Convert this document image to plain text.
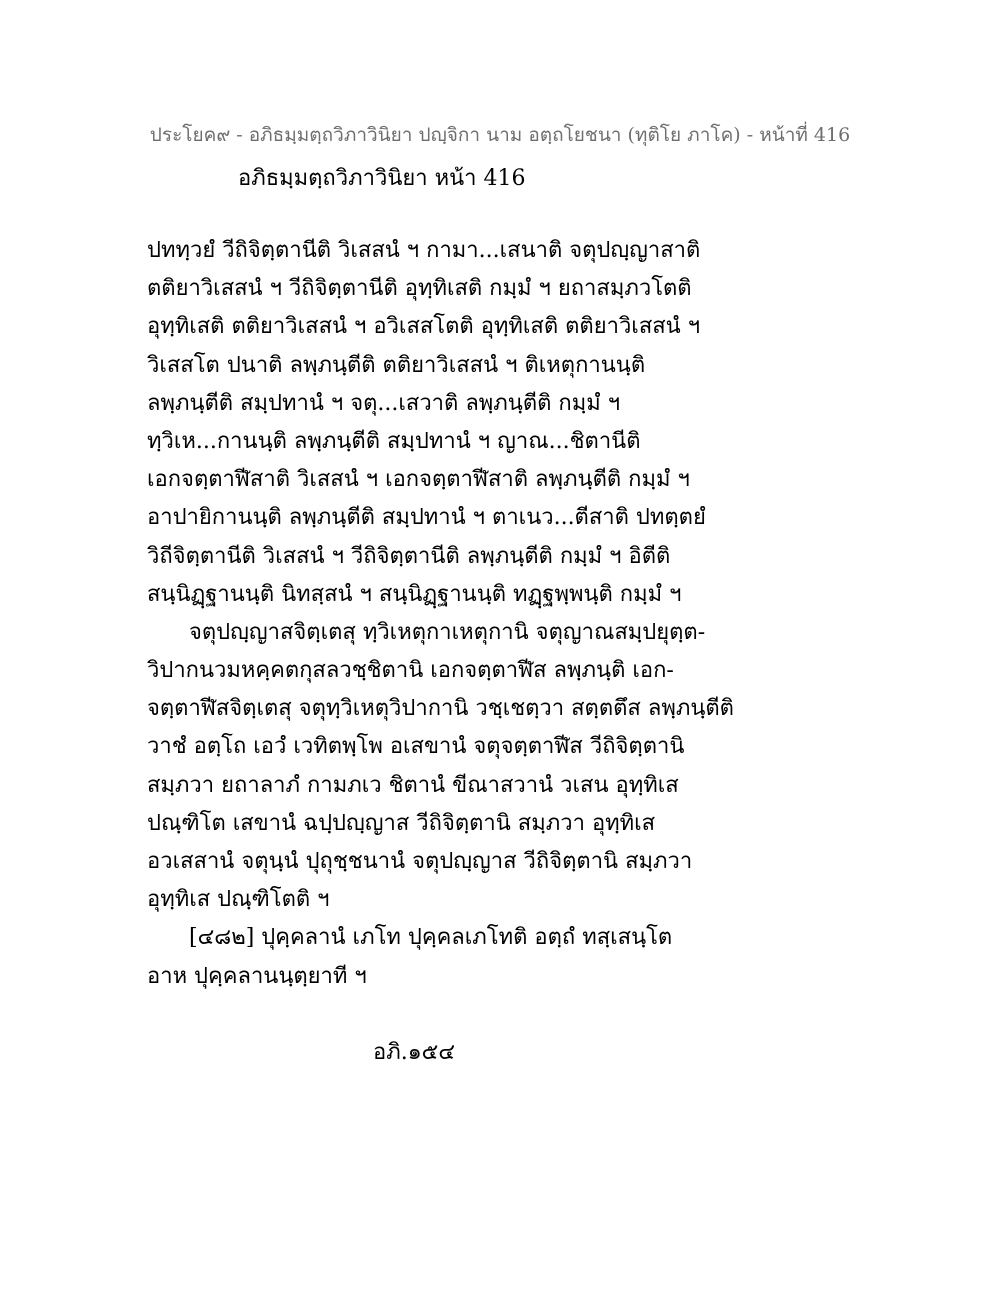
ประโยค๙ - อภิธมฺมตฺถวิภาวินิยา ปญฺจิกา นาม อตฺถโยชนา (ทุติโย ภาโค) - หน้าที่ 416
อภิธมฺมตฺถวิภาวินิยา หน้า 416
ปททฺวยํ วีถิจิตฺตานีติ วิเสสนํ ฯ กามา...เสนาติ จตุปญฺญาสาติ
ตติยาวิเสสนํ ฯ วีถิจิตฺตานีติ อุทฺทิเสติ กมฺมํ ฯ ยถาสมฺภวโตติ
อุทฺทิเสติ ตติยาวิเสสนํ ฯ อวิเสสโตติ อุทฺทิเสติ ตติยาวิเสสนํ ฯ
วิเสสโต ปนาติ ลพฺภนฺตีติ ตติยาวิเสสนํ ฯ ติเหตุกานนฺติ
ลพฺภนฺตีติ สมฺปทานํ ฯ จตุ...เสวาติ ลพฺภนฺตีติ กมฺมํ ฯ
ทฺวิเห...กานนฺติ ลพฺภนฺตีติ สมฺปทานํ ฯ ญาณ...ชิตานีติ
เอกจตฺตาฬีสาติ วิเสสนํ ฯ เอกจตฺตาฬีสาติ ลพฺภนฺตีติ กมฺมํ ฯ
อาปายิกานนฺติ ลพฺภนฺตีติ สมฺปทานํ ฯ ตาเนว...ตีสาติ ปทตฺตยํ
วิถีจิตฺตานีติ วิเสสนํ ฯ วีถิจิตฺตานีติ ลพฺภนฺตีติ กมฺมํ ฯ อิตีติ
สนฺนิฏฺฐานนฺติ นิทสฺสนํ ฯ สนฺนิฏฺฐานนฺติ ทฏฺฐพฺพนฺติ กมฺมํ ฯ
จตุปญฺญาสจิตฺเตสุ ทฺวิเหตุกาเหตุกานิ จตุญาณสมฺปยุตฺต-
วิปากนวมหคฺคตกุสลวชฺชิตานิ เอกจตฺตาฬีส ลพฺภนฺติ เอก-
จตฺตาฬีสจิตฺเตสุ จตุทฺวิเหตุวิปากานิ วชฺเชตฺวา สตฺตตึส ลพฺภนฺตีติ
วาชํ อตฺโถ เอวํ เวทิตพฺโพ อเสขานํ จตุจตฺตาฬีส วีถิจิตฺตานิ
สมฺภวา ยถาลาภํ กามภเว ชิตานํ ขีณาสวานํ วเสน อุทฺทิเส
ปณฺฑิโต เสขานํ ฉปฺปญฺญาส วีถิจิตฺตานิ สมฺภวา อุทฺทิเส
อวเสสานํ จตุนฺนํ ปุถุชฺชนานํ จตุปญฺญาส วีถิจิตฺตานิ สมฺภวา
อุทฺทิเส ปณฺฑิโตติ ฯ
[๔๘๒] ปุคฺคลานํ เภโท ปุคฺคลเภโทติ อตฺถํ ทสฺเสนฺโต
อาห ปุคฺคลานนฺตฺยาที ฯ
อภิ.๑๕๔
